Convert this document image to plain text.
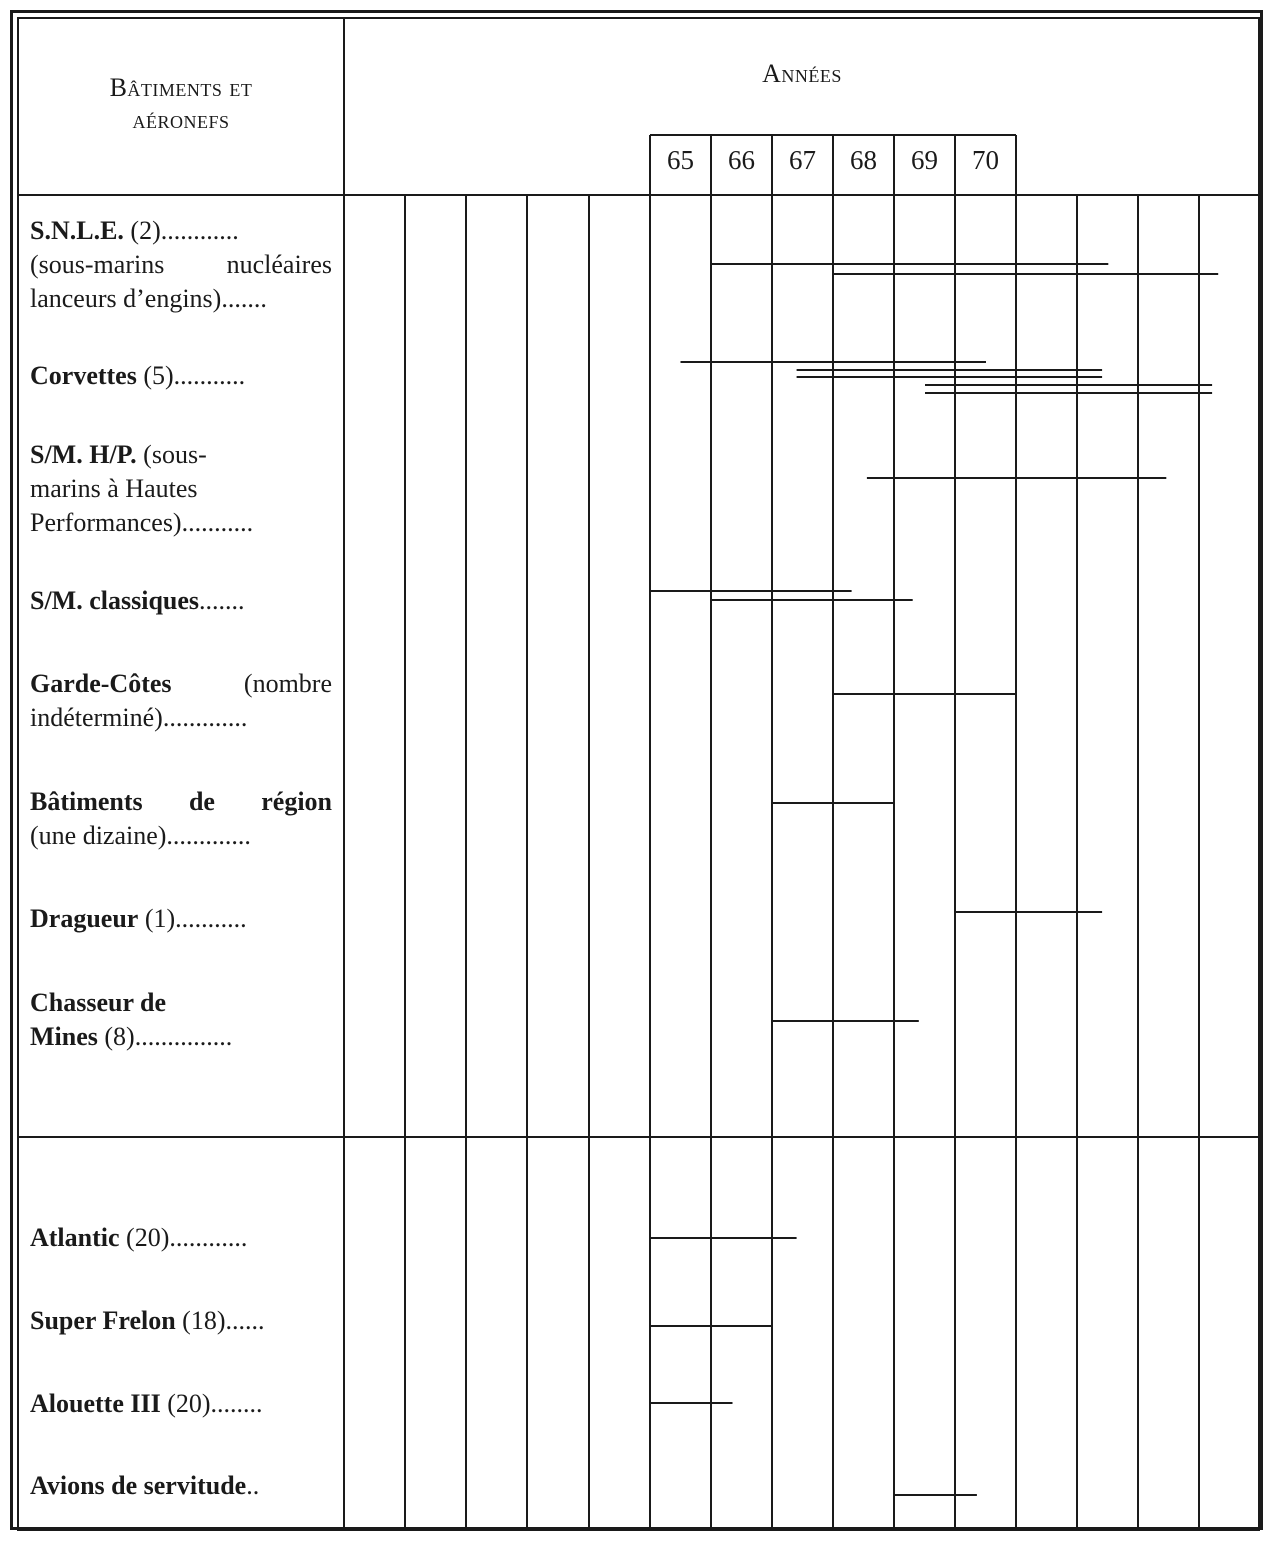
Bâtiments et
aéronefs
Années
65	66	67	68	69	70
S.N.L.E. (2)............
(sous-marins nucléaires
lanceurs d’engins).......
Corvettes (5)...........
S/M. H/P. (sous-
marins à Hautes
Performances)...........
S/M. classiques.......
Garde-Côtes (nombre
indéterminé).............
Bâtiments de région
(une dizaine).............
Dragueur (1)...........
Chasseur de
Mines (8)...............
Atlantic (20)............
Super Frelon (18)......
Alouette III (20)........
Avions de servitude..
